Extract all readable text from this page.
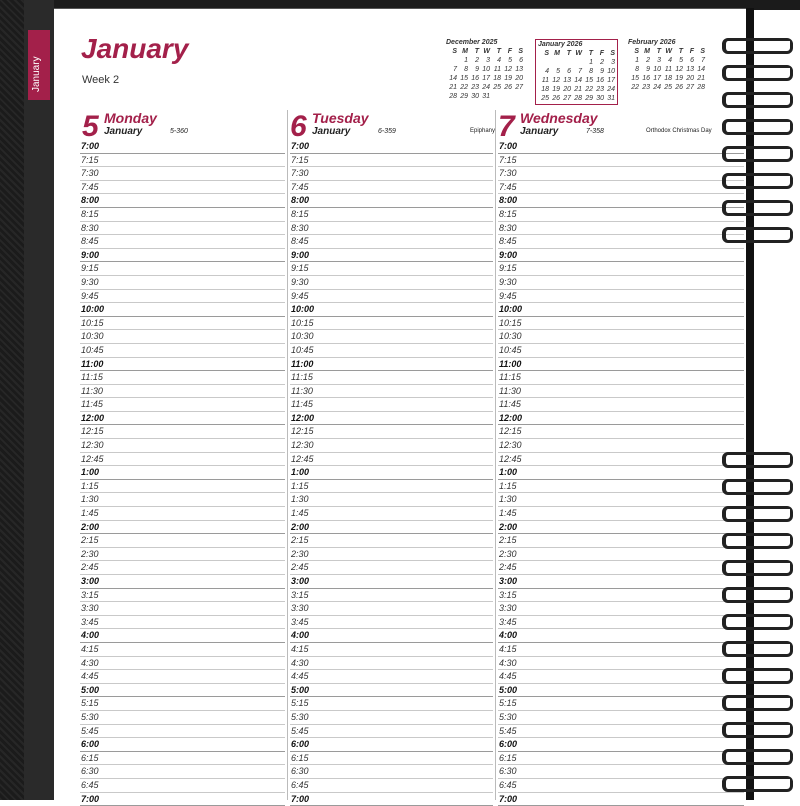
January
January
Week 2
December 2025
S	M	T	W	T	F	S
	1	2	3	4	5	6
7	8	9	10	11	12	13
14	15	16	17	18	19	20
21	22	23	24	25	26	27
28	29	30	31			
January 2026
S	M	T	W	T	F	S
				1	2	3
4	5	6	7	8	9	10
11	12	13	14	15	16	17
18	19	20	21	22	23	24
25	26	27	28	29	30	31
February 2026
S	M	T	W	T	F	S
1	2	3	4	5	6	7
8	9	10	11	12	13	14
15	16	17	18	19	20	21
22	23	24	25	26	27	28
5 Monday
January	5-360	6 Tuesday
January	6-359	Epiphany 7 Wednesday
January	7-358	Orthodox Christmas Day
7:00
7:15
7:30
7:45
8:00
8:15
8:30
8:45
9:00
9:15
9:30
9:45
10:00
10:15
10:30
10:45
11:00
11:15
11:30
11:45
12:00
12:15
12:30
12:45
1:00
1:15
1:30
1:45
2:00
2:15
2:30
2:45
3:00
3:15
3:30
3:45
4:00
4:15
4:30
4:45
5:00
5:15
5:30
5:45
6:00
6:15
6:30
6:45
7:00
7:00
7:15
7:30
7:45
8:00
8:15
8:30
8:45
9:00
9:15
9:30
9:45
10:00
10:15
10:30
10:45
11:00
11:15
11:30
11:45
12:00
12:15
12:30
12:45
1:00
1:15
1:30
1:45
2:00
2:15
2:30
2:45
3:00
3:15
3:30
3:45
4:00
4:15
4:30
4:45
5:00
5:15
5:30
5:45
6:00
6:15
6:30
6:45
7:00
7:00
7:15
7:30
7:45
8:00
8:15
8:30
8:45
9:00
9:15
9:30
9:45
10:00
10:15
10:30
10:45
11:00
11:15
11:30
11:45
12:00
12:15
12:30
12:45
1:00
1:15
1:30
1:45
2:00
2:15
2:30
2:45
3:00
3:15
3:30
3:45
4:00
4:15
4:30
4:45
5:00
5:15
5:30
5:45
6:00
6:15
6:30
6:45
7:00
